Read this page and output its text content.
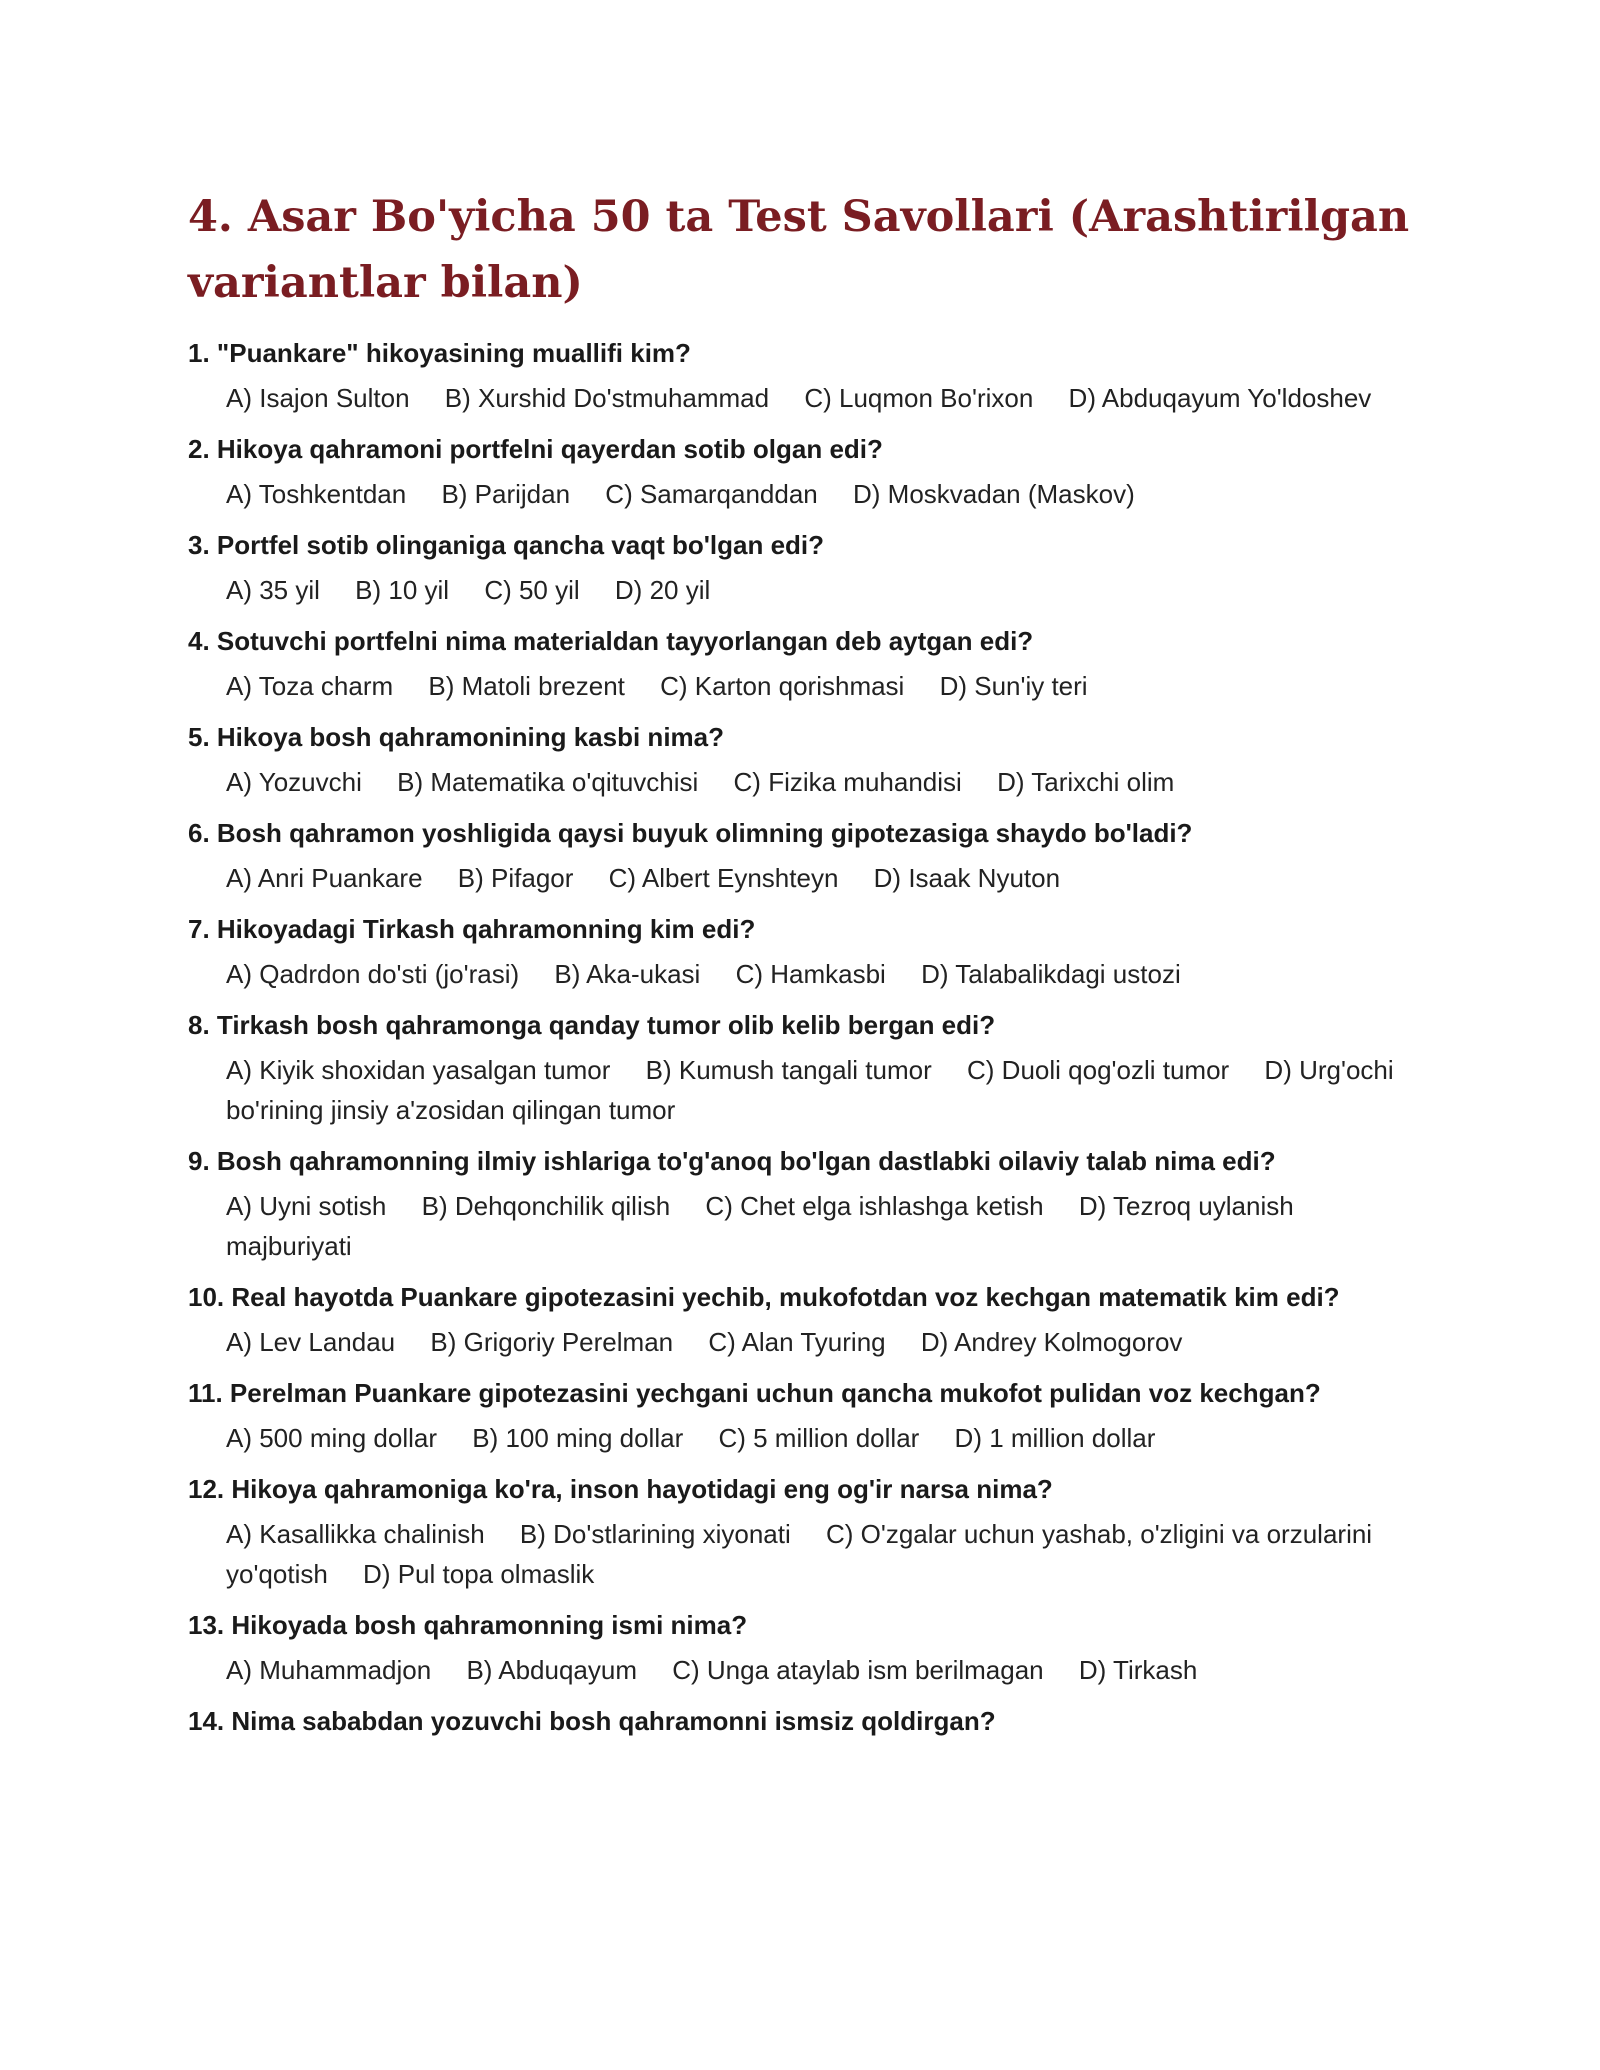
4. Asar Bo'yicha 50 ta Test Savollari (Arashtirilgan variantlar bilan)

1. "Puankare" hikoyasining muallifi kim?

A) Isajon Sulton B) Xurshid Do'stmuhammad C) Luqmon Bo'rixon D) Abduqayum Yo'ldoshev

2. Hikoya qahramoni portfelni qayerdan sotib olgan edi?

A) Toshkentdan B) Parijdan C) Samarqanddan D) Moskvadan (Maskov)

3. Portfel sotib olinganiga qancha vaqt bo'lgan edi?

A) 35 yil B) 10 yil C) 50 yil D) 20 yil

4. Sotuvchi portfelni nima materialdan tayyorlangan deb aytgan edi?

A) Toza charm B) Matoli brezent C) Karton qorishmasi D) Sun'iy teri

5. Hikoya bosh qahramonining kasbi nima?

A) Yozuvchi B) Matematika o'qituvchisi C) Fizika muhandisi D) Tarixchi olim

6. Bosh qahramon yoshligida qaysi buyuk olimning gipotezasiga shaydo bo'ladi?

A) Anri Puankare B) Pifagor C) Albert Eynshteyn D) Isaak Nyuton

7. Hikoyadagi Tirkash qahramonning kim edi?

A) Qadrdon do'sti (jo'rasi) B) Aka-ukasi C) Hamkasbi D) Talabalikdagi ustozi

8. Tirkash bosh qahramonga qanday tumor olib kelib bergan edi?

A) Kiyik shoxidan yasalgan tumor B) Kumush tangali tumor C) Duoli qog'ozli tumor D) Urg'ochi bo'rining jinsiy a'zosidan qilingan tumor

9. Bosh qahramonning ilmiy ishlariga to'g'anoq bo'lgan dastlabki oilaviy talab nima edi?

A) Uyni sotish B) Dehqonchilik qilish C) Chet elga ishlashga ketish D) Tezroq uylanish majburiyati

10. Real hayotda Puankare gipotezasini yechib, mukofotdan voz kechgan matematik kim edi?

A) Lev Landau B) Grigoriy Perelman C) Alan Tyuring D) Andrey Kolmogorov

11. Perelman Puankare gipotezasini yechgani uchun qancha mukofot pulidan voz kechgan?

A) 500 ming dollar B) 100 ming dollar C) 5 million dollar D) 1 million dollar

12. Hikoya qahramoniga ko'ra, inson hayotidagi eng og'ir narsa nima?

A) Kasallikka chalinish B) Do'stlarining xiyonati C) O'zgalar uchun yashab, o'zligini va orzularini yo'qotish D) Pul topa olmaslik

13. Hikoyada bosh qahramonning ismi nima?

A) Muhammadjon B) Abduqayum C) Unga ataylab ism berilmagan D) Tirkash

14. Nima sababdan yozuvchi bosh qahramonni ismsiz qoldirgan?
